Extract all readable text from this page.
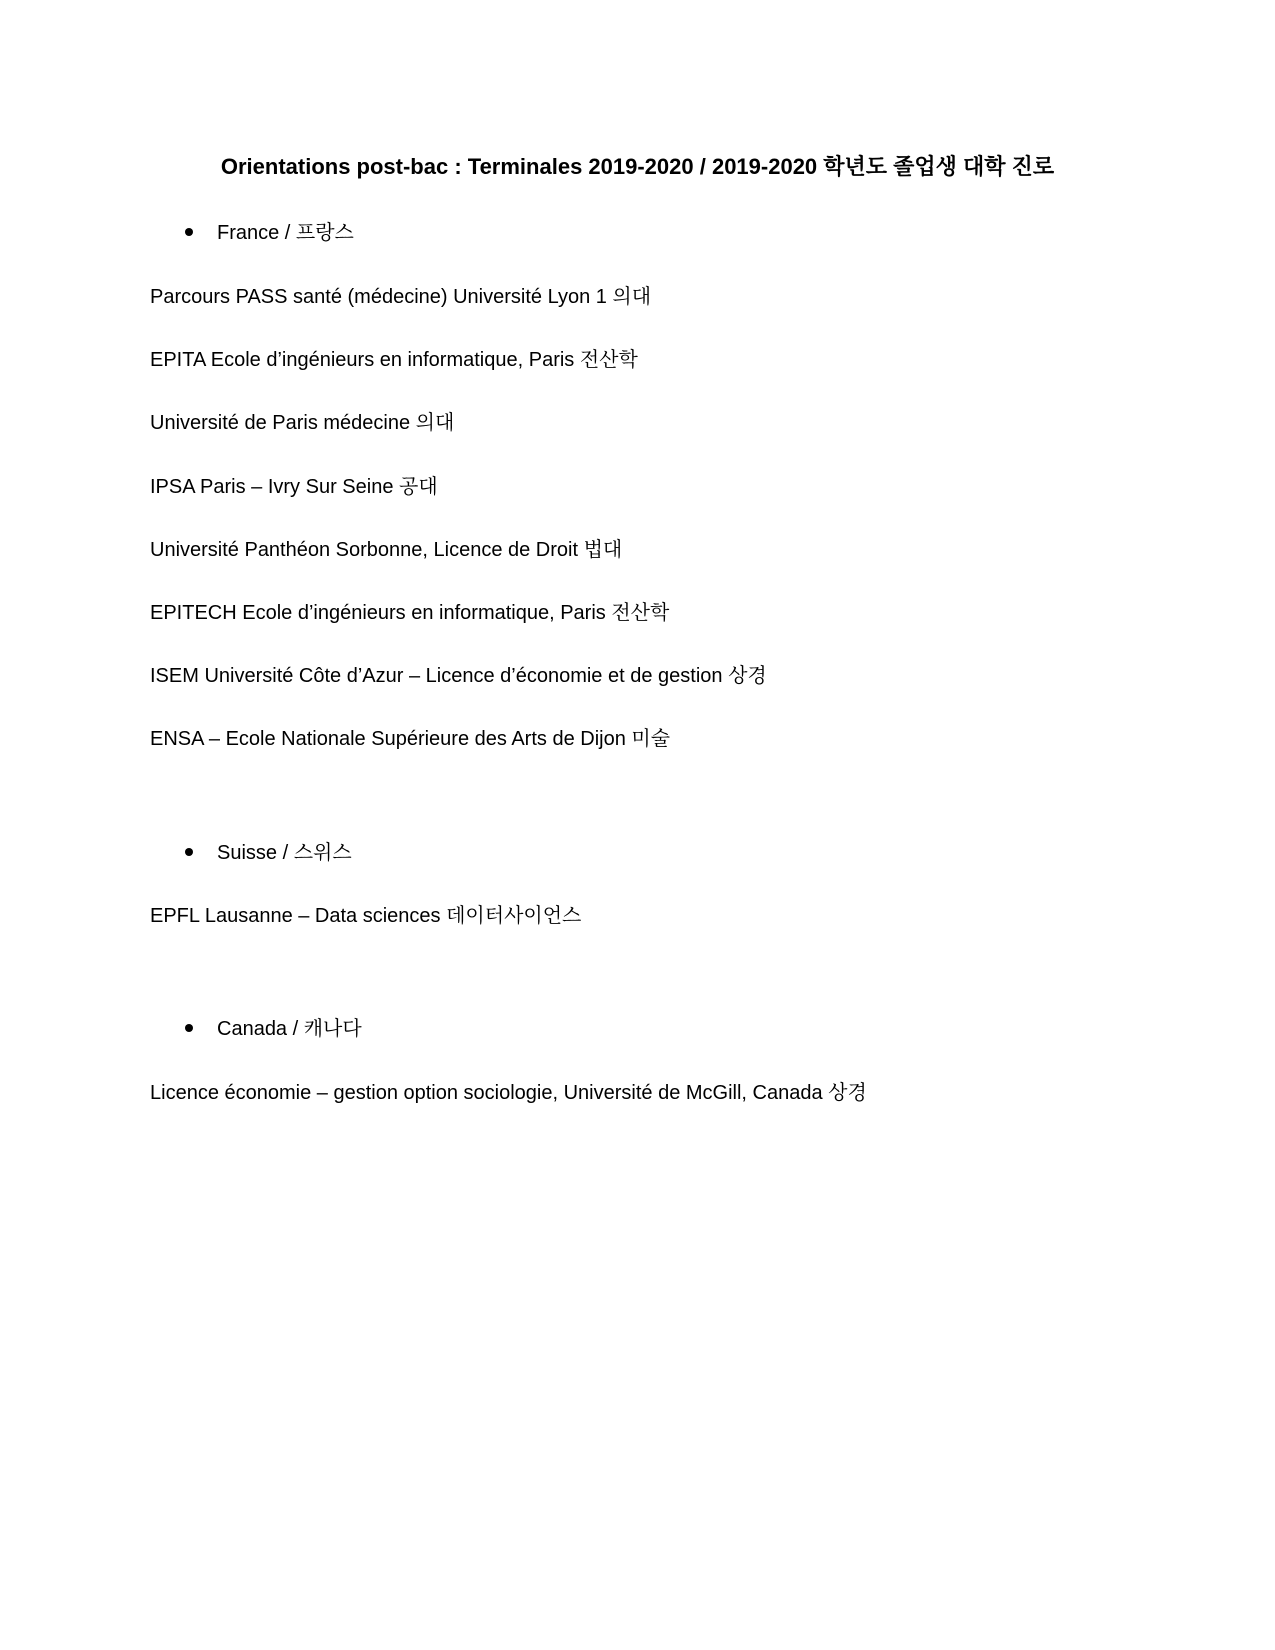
Orientations post-bac : Terminales 2019-2020 / 2019-2020 학년도 졸업생 대학 진로
France / 프랑스
Parcours PASS santé (médecine) Université Lyon 1 의대
EPITA Ecole d’ingénieurs en informatique, Paris 전산학
Université de Paris médecine 의대
IPSA Paris – Ivry Sur Seine 공대
Université Panthéon Sorbonne, Licence de Droit 법대
EPITECH Ecole d’ingénieurs en informatique, Paris 전산학
ISEM Université Côte d’Azur – Licence d’économie et de gestion 상경
ENSA – Ecole Nationale Supérieure des Arts de Dijon 미술
Suisse / 스위스
EPFL Lausanne – Data sciences 데이터사이언스
Canada / 캐나다
Licence économie – gestion option sociologie, Université de McGill, Canada 상경
